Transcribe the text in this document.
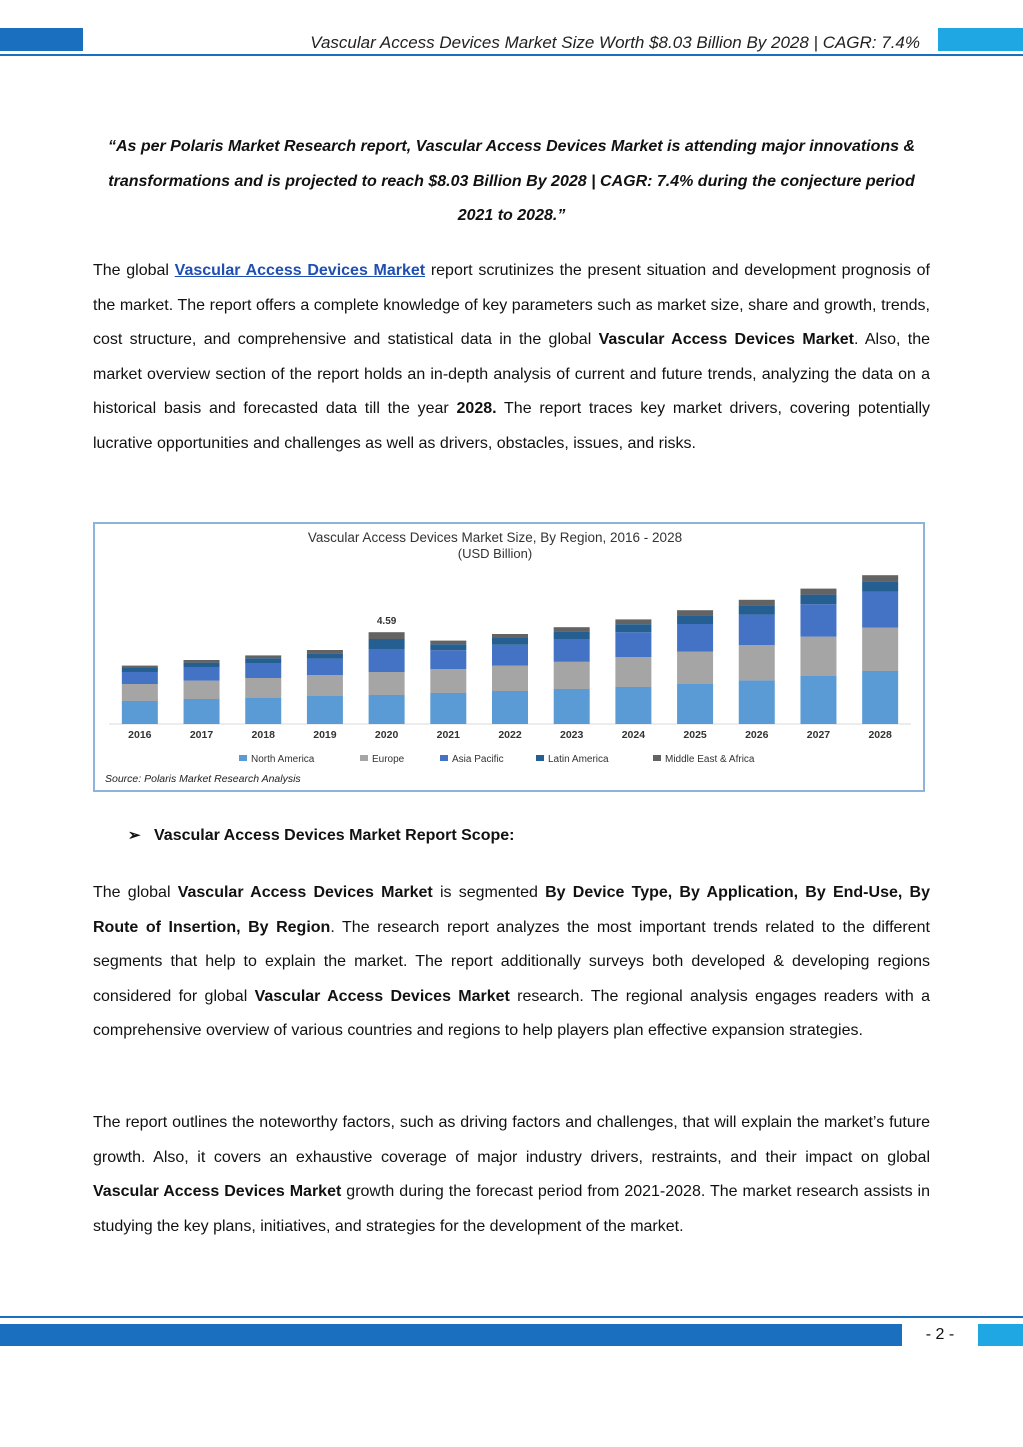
Vascular Access Devices Market Size Worth $8.03 Billion By 2028 | CAGR: 7.4%
“As per Polaris Market Research report, Vascular Access Devices Market is attending major innovations & transformations and is projected to reach $8.03 Billion By 2028 | CAGR: 7.4% during the conjecture period 2021 to 2028.”
The global Vascular Access Devices Market report scrutinizes the present situation and development prognosis of the market. The report offers a complete knowledge of key parameters such as market size, share and growth, trends, cost structure, and comprehensive and statistical data in the global Vascular Access Devices Market. Also, the market overview section of the report holds an in-depth analysis of current and future trends, analyzing the data on a historical basis and forecasted data till the year 2028. The report traces key market drivers, covering potentially lucrative opportunities and challenges as well as drivers, obstacles, issues, and risks.
Vascular Access Devices Market Size, By Region, 2016 - 2028
(USD Billion)
4.59
2016	2017	2018	2019	2020	2021	2022	2023	2024	2025	2026	2027	2028
North America	Europe	Asia Pacific	Latin America	Middle East & Africa
Source: Polaris Market Research Analysis
➢ Vascular Access Devices Market Report Scope:
The global Vascular Access Devices Market is segmented By Device Type, By Application, By End-Use, By Route of Insertion, By Region. The research report analyzes the most important trends related to the different segments that help to explain the market. The report additionally surveys both developed & developing regions considered for global Vascular Access Devices Market research. The regional analysis engages readers with a comprehensive overview of various countries and regions to help players plan effective expansion strategies.
The report outlines the noteworthy factors, such as driving factors and challenges, that will explain the market’s future growth. Also, it covers an exhaustive coverage of major industry drivers, restraints, and their impact on global Vascular Access Devices Market growth during the forecast period from 2021-2028. The market research assists in studying the key plans, initiatives, and strategies for the development of the market.
- 2 -
